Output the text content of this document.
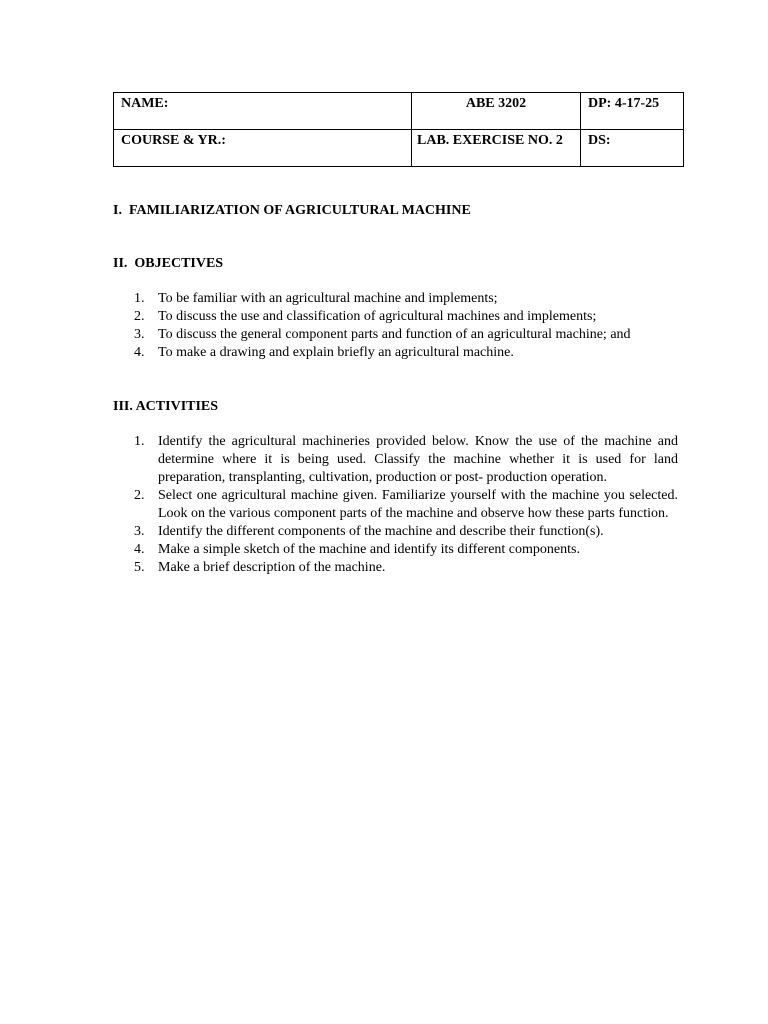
NAME:	ABE 3202	DP: 4-17-25
COURSE & YR.:	LAB. EXERCISE NO. 2	DS:
I.  FAMILIARIZATION OF AGRICULTURAL MACHINE
II.  OBJECTIVES
1. To be familiar with an agricultural machine and implements;
2. To discuss the use and classification of agricultural machines and implements;
3. To discuss the general component parts and function of an agricultural machine; and
4. To make a drawing and explain briefly an agricultural machine.
III. ACTIVITIES
1. Identify the agricultural machineries provided below. Know the use of the machine and determine where it is being used. Classify the machine whether it is used for land preparation, transplanting, cultivation, production or post- production operation.
2. Select one agricultural machine given. Familiarize yourself with the machine you selected. Look on the various component parts of the machine and observe how these parts function.
3. Identify the different components of the machine and describe their function(s).
4. Make a simple sketch of the machine and identify its different components.
5. Make a brief description of the machine.
